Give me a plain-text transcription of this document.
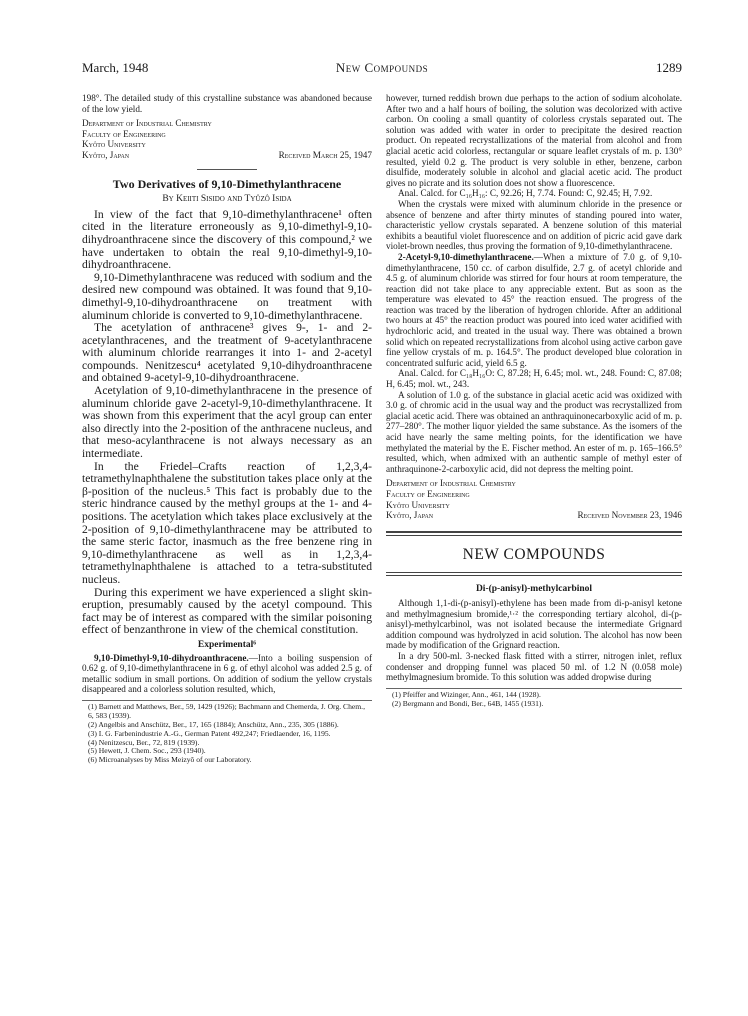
March, 1948	New Compounds	1289

198°. The detailed study of this crystalline substance was abandoned because of the low yield.

Department of Industrial Chemistry
Faculty of Engineering
Kyôto University
Kyôto, Japan	Received March 25, 1947
Two Derivatives of 9,10-Dimethylanthracene
By Keiiti Sisido and Tyûzô Isida

In view of the fact that 9,10-dimethylanthracene¹ often cited in the literature erroneously as 9,10-dimethyl-9,10-dihydroanthracene since the discovery of this compound,² we have undertaken to obtain the real 9,10-dimethyl-9,10-dihydroanthracene.

9,10-Dimethylanthracene was reduced with sodium and the desired new compound was obtained. It was found that 9,10-dimethyl-9,10-dihydroanthracene on treatment with aluminum chloride is converted to 9,10-dimethylanthracene.

The acetylation of anthracene³ gives 9-, 1- and 2-acetylanthracenes, and the treatment of 9-acetylanthracene with aluminum chloride rearranges it into 1- and 2-acetyl compounds. Nenitzescu⁴ acetylated 9,10-dihydroanthracene and obtained 9-acetyl-9,10-dihydroanthracene.

Acetylation of 9,10-dimethylanthracene in the presence of aluminum chloride gave 2-acetyl-9,10-dimethylanthracene. It was shown from this experiment that the acyl group can enter also directly into the 2-position of the anthracene nucleus, and that meso-acylanthracene is not always necessary as an intermediate.

In the Friedel–Crafts reaction of 1,2,3,4-tetramethylnaphthalene the substitution takes place only at the β-position of the nucleus.⁵ This fact is probably due to the steric hindrance caused by the methyl groups at the 1- and 4-positions. The acetylation which takes place exclusively at the 2-position of 9,10-dimethylanthracene may be attributed to the same steric factor, inasmuch as the free benzene ring in 9,10-dimethylanthracene as well as in 1,2,3,4-tetramethylnaphthalene is attached to a tetra-substituted nucleus.

During this experiment we have experienced a slight skin-eruption, presumably caused by the acetyl compound. This fact may be of interest as compared with the similar poisoning effect of benzanthrone in view of the chemical constitution.

Experimental⁶

9,10-Dimethyl-9,10-dihydroanthracene.—Into a boiling suspension of 0.62 g. of 9,10-dimethylanthracene in 6 g. of ethyl alcohol was added 2.5 g. of metallic sodium in small portions. On addition of sodium the yellow crystals disappeared and a colorless solution resulted, which,

(1) Barnett and Matthews, Ber., 59, 1429 (1926); Bachmann and Chemerda, J. Org. Chem., 6, 583 (1939).

(2) Angelbis and Anschütz, Ber., 17, 165 (1884); Anschütz, Ann., 235, 305 (1886).

(3) I. G. Farbenindustrie A.-G., German Patent 492,247; Friedlaender, 16, 1195.

(4) Nenitzescu, Ber., 72, 819 (1939).

(5) Hewett, J. Chem. Soc., 293 (1940).

(6) Microanalyses by Miss Meizyô of our Laboratory.

however, turned reddish brown due perhaps to the action of sodium alcoholate. After two and a half hours of boiling, the solution was decolorized with active carbon. On cooling a small quantity of colorless crystals separated out. The solution was added with water in order to precipitate the desired reaction product. On repeated recrystallizations of the material from alcohol and from glacial acetic acid colorless, rectangular or square leaflet crystals of m. p. 130° resulted, yield 0.2 g. The product is very soluble in ether, benzene, carbon disulfide, moderately soluble in alcohol and glacial acetic acid. The product gives no picrate and its solution does not show a fluorescence.

Anal. Calcd. for C₁₆H₁₆: C, 92.26; H, 7.74. Found: C, 92.45; H, 7.92.

When the crystals were mixed with aluminum chloride in the presence or absence of benzene and after thirty minutes of standing poured into water, characteristic yellow crystals separated. A benzene solution of this material exhibits a beautiful violet fluorescence and on addition of picric acid gave dark violet-brown needles, thus proving the formation of 9,10-dimethylanthracene.

2-Acetyl-9,10-dimethylanthracene.—When a mixture of 7.0 g. of 9,10-dimethylanthracene, 150 cc. of carbon disulfide, 2.7 g. of acetyl chloride and 4.5 g. of aluminum chloride was stirred for four hours at room temperature, the reaction did not take place to any appreciable extent. But as soon as the temperature was elevated to 45° the reaction ensued. The progress of the reaction was traced by the liberation of hydrogen chloride. After an additional two hours at 45° the reaction product was poured into iced water acidified with hydrochloric acid, and treated in the usual way. There was obtained a brown solid which on repeated recrystallizations from alcohol using active carbon gave fine yellow crystals of m. p. 164.5°. The product developed blue coloration in concentrated sulfuric acid, yield 6.5 g.

Anal. Calcd. for C₁₈H₁₆O: C, 87.28; H, 6.45; mol. wt., 248. Found: C, 87.08; H, 6.45; mol. wt., 243.

A solution of 1.0 g. of the substance in glacial acetic acid was oxidized with 3.0 g. of chromic acid in the usual way and the product was recrystallized from glacial acetic acid. There was obtained an anthraquinonecarboxylic acid of m. p. 277–280°. The mother liquor yielded the same substance. As the isomers of the acid have nearly the same melting points, for the identification we have methylated the material by the E. Fischer method. An ester of m. p. 165–166.5° resulted, which, when admixed with an authentic sample of methyl ester of anthraquinone-2-carboxylic acid, did not depress the melting point.

Department of Industrial Chemistry
Faculty of Engineering
Kyôto University
Kyôto, Japan	Received November 23, 1946
NEW COMPOUNDS
Di-(p-anisyl)-methylcarbinol

Although 1,1-di-(p-anisyl)-ethylene has been made from di-p-anisyl ketone and methylmagnesium bromide,¹·² the corresponding tertiary alcohol, di-(p-anisyl)-methylcarbinol, was not isolated because the intermediate Grignard addition compound was hydrolyzed in acid solution. The alcohol has now been made by modification of the Grignard reaction.

In a dry 500-ml. 3-necked flask fitted with a stirrer, nitrogen inlet, reflux condenser and dropping funnel was placed 50 ml. of 1.2 N (0.058 mole) methylmagnesium bromide. To this solution was added dropwise during

(1) Pfeiffer and Wizinger, Ann., 461, 144 (1928).

(2) Bergmann and Bondi, Ber., 64B, 1455 (1931).
